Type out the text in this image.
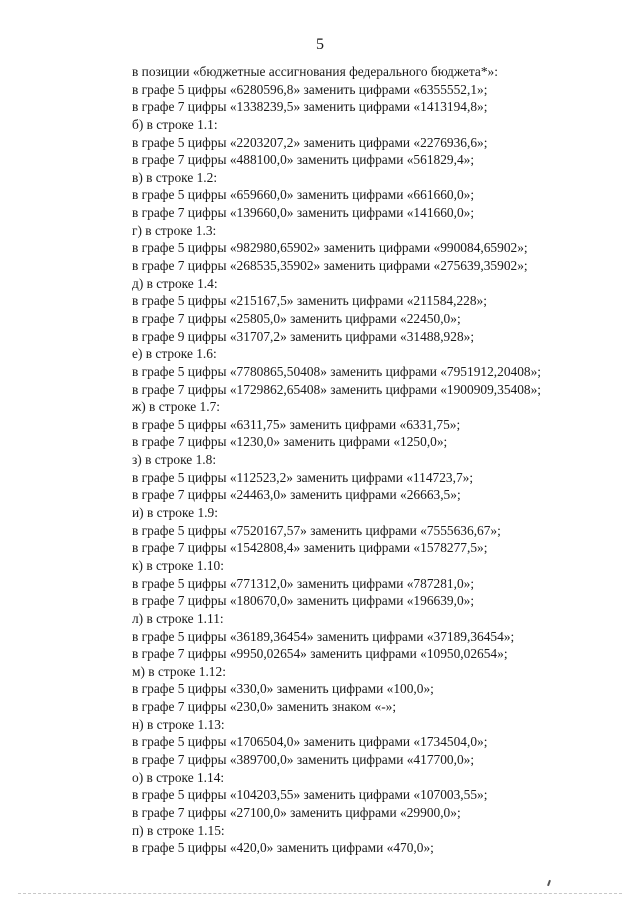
5
в позиции «бюджетные ассигнования федерального бюджета*»:
в графе 5 цифры «6280596,8» заменить цифрами «6355552,1»;
в графе 7 цифры «1338239,5» заменить цифрами «1413194,8»;
б) в строке 1.1:
в графе 5 цифры «2203207,2» заменить цифрами «2276936,6»;
в графе 7 цифры «488100,0» заменить цифрами «561829,4»;
в) в строке 1.2:
в графе 5 цифры «659660,0» заменить цифрами «661660,0»;
в графе 7 цифры «139660,0» заменить цифрами «141660,0»;
г) в строке 1.3:
в графе 5 цифры «982980,65902» заменить цифрами «990084,65902»;
в графе 7 цифры «268535,35902» заменить цифрами «275639,35902»;
д) в строке 1.4:
в графе 5 цифры «215167,5» заменить цифрами «211584,228»;
в графе 7 цифры «25805,0» заменить цифрами «22450,0»;
в графе 9 цифры «31707,2» заменить цифрами «31488,928»;
е) в строке 1.6:
в графе 5 цифры «7780865,50408» заменить цифрами «7951912,20408»;
в графе 7 цифры «1729862,65408» заменить цифрами «1900909,35408»;
ж) в строке 1.7:
в графе 5 цифры «6311,75» заменить цифрами «6331,75»;
в графе 7 цифры «1230,0» заменить цифрами «1250,0»;
з) в строке 1.8:
в графе 5 цифры «112523,2» заменить цифрами «114723,7»;
в графе 7 цифры «24463,0» заменить цифрами «26663,5»;
и) в строке 1.9:
в графе 5 цифры «7520167,57» заменить цифрами «7555636,67»;
в графе 7 цифры «1542808,4» заменить цифрами «1578277,5»;
к) в строке 1.10:
в графе 5 цифры «771312,0» заменить цифрами «787281,0»;
в графе 7 цифры «180670,0» заменить цифрами «196639,0»;
л) в строке 1.11:
в графе 5 цифры «36189,36454» заменить цифрами «37189,36454»;
в графе 7 цифры «9950,02654» заменить цифрами «10950,02654»;
м) в строке 1.12:
в графе 5 цифры «330,0» заменить цифрами «100,0»;
в графе 7 цифры «230,0» заменить знаком «-»;
н) в строке 1.13:
в графе 5 цифры «1706504,0» заменить цифрами «1734504,0»;
в графе 7 цифры «389700,0» заменить цифрами «417700,0»;
о) в строке 1.14:
в графе 5 цифры «104203,55» заменить цифрами «107003,55»;
в графе 7 цифры «27100,0» заменить цифрами «29900,0»;
п) в строке 1.15:
в графе 5 цифры «420,0» заменить цифрами «470,0»;
